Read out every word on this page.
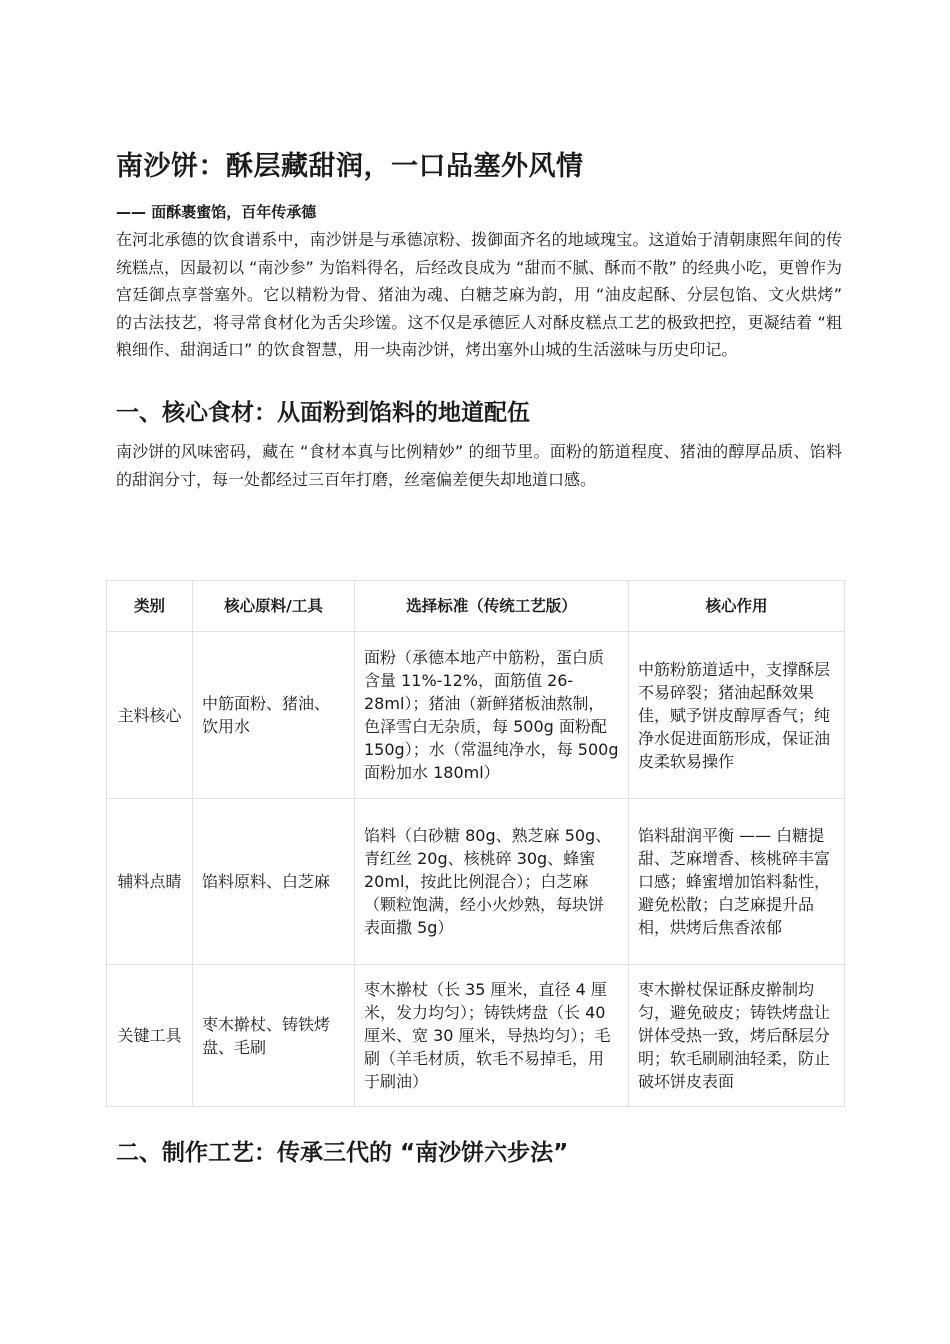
南沙饼：酥层藏甜润，一口品塞外风情

—— 面酥裹蜜馅，百年传承德

在河北承德的饮食谱系中，南沙饼是与承德凉粉、拨御面齐名的地域瑰宝。这道始于清朝康熙年间的传统糕点，因最初以 “南沙参” 为馅料得名，后经改良成为 “甜而不腻、酥而不散” 的经典小吃，更曾作为宫廷御点享誉塞外。它以精粉为骨、猪油为魂、白糖芝麻为韵，用 “油皮起酥、分层包馅、文火烘烤” 的古法技艺，将寻常食材化为舌尖珍馐。这不仅是承德匠人对酥皮糕点工艺的极致把控，更凝结着 “粗粮细作、甜润适口” 的饮食智慧，用一块南沙饼，烤出塞外山城的生活滋味与历史印记。

一、核心食材：从面粉到馅料的地道配伍

南沙饼的风味密码，藏在 “食材本真与比例精妙” 的细节里。面粉的筋道程度、猪油的醇厚品质、馅料的甜润分寸，每一处都经过三百年打磨，丝毫偏差便失却地道口感。

类别	核心原料/工具	选择标准（传统工艺版）	核心作用
主料核心	中筋面粉、猪油、饮用水	面粉（承德本地产中筋粉，蛋白质含量 11%-12%，面筋值 26-28ml）；猪油（新鲜猪板油熬制，色泽雪白无杂质，每 500g 面粉配 150g）；水（常温纯净水，每 500g 面粉加水 180ml）	中筋粉筋道适中，支撑酥层不易碎裂；猪油起酥效果佳，赋予饼皮醇厚香气；纯净水促进面筋形成，保证油皮柔软易操作
辅料点睛	馅料原料、白芝麻	馅料（白砂糖 80g、熟芝麻 50g、青红丝 20g、核桃碎 30g、蜂蜜 20ml，按此比例混合）；白芝麻（颗粒饱满，经小火炒熟，每块饼表面撒 5g）	馅料甜润平衡 —— 白糖提甜、芝麻增香、核桃碎丰富口感；蜂蜜增加馅料黏性，避免松散；白芝麻提升品相，烘烤后焦香浓郁
关键工具	枣木擀杖、铸铁烤盘、毛刷	枣木擀杖（长 35 厘米，直径 4 厘米，发力均匀）；铸铁烤盘（长 40 厘米、宽 30 厘米，导热均匀）；毛刷（羊毛材质，软毛不易掉毛，用于刷油）	枣木擀杖保证酥皮擀制均匀，避免破皮；铸铁烤盘让饼体受热一致，烤后酥层分明；软毛刷刷油轻柔，防止破坏饼皮表面
二、制作工艺：传承三代的 “南沙饼六步法”
